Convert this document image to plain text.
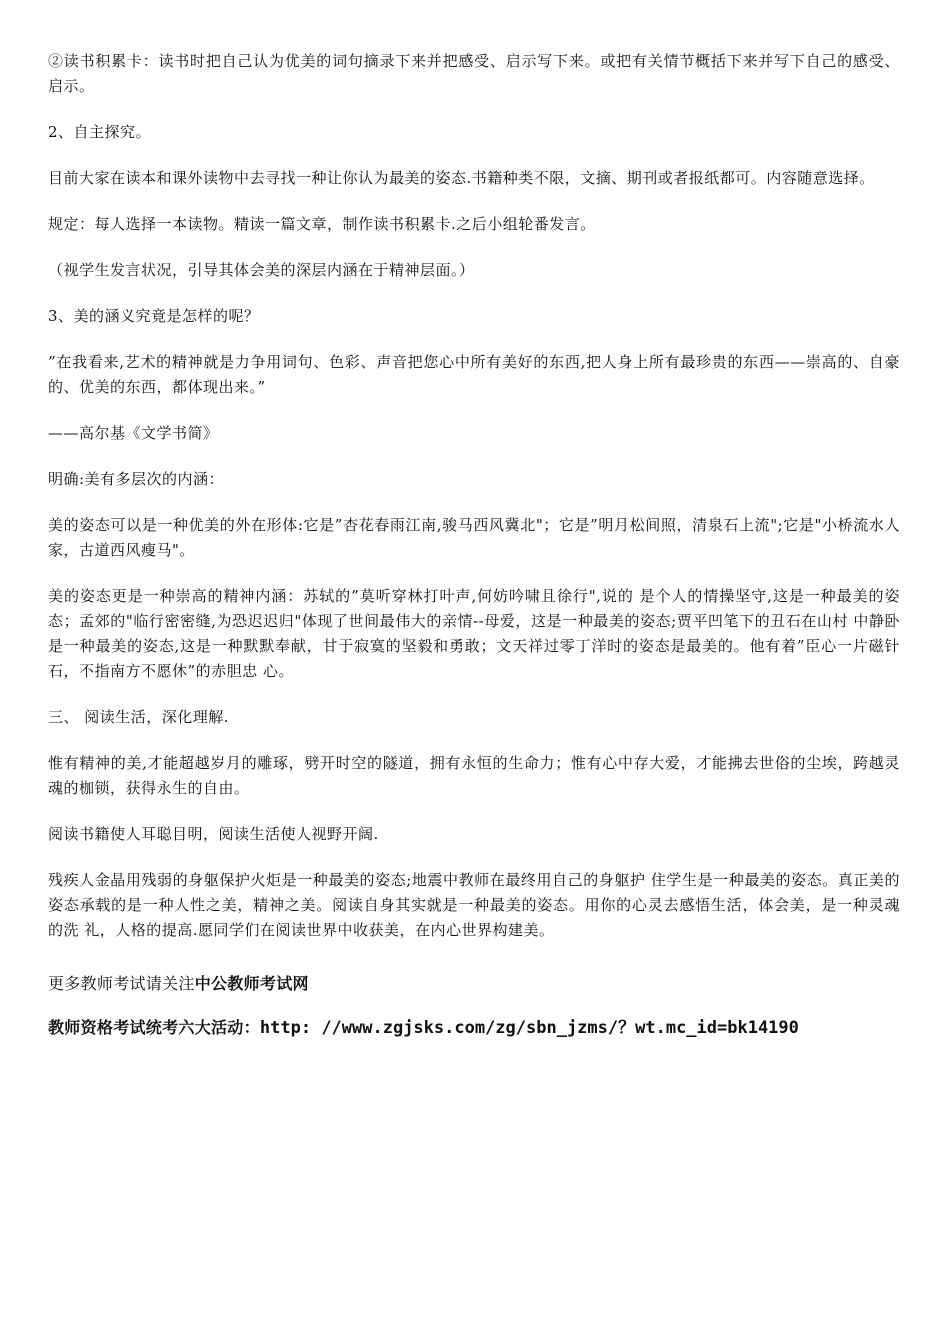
②读书积累卡：读书时把自己认为优美的词句摘录下来并把感受、启示写下来。或把有关情节概括下来并写下自己的感受、启示。

2、自主探究。

目前大家在读本和课外读物中去寻找一种让你认为最美的姿态.书籍种类不限，文摘、期刊或者报纸都可。内容随意选择。

规定：每人选择一本读物。精读一篇文章，制作读书积累卡.之后小组轮番发言。

（视学生发言状况，引导其体会美的深层内涵在于精神层面。）

3、美的涵义究竟是怎样的呢？

”在我看来,艺术的精神就是力争用词句、色彩、声音把您心中所有美好的东西,把人身上所有最珍贵的东西——崇高的、自豪的、优美的东西，都体现出来。”

——高尔基《文学书简》

明确:美有多层次的内涵：

美的姿态可以是一种优美的外在形体:它是”杏花春雨江南,骏马西风冀北"；它是”明月松间照，清泉石上流";它是"小桥流水人家，古道西风瘦马"。

美的姿态更是一种崇高的精神内涵：苏轼的”莫听穿林打叶声,何妨吟啸且徐行",说的 是个人的情操坚守,这是一种最美的姿态；孟郊的"临行密密缝,为恐迟迟归"体现了世间最伟大的亲情--母爱，这是一种最美的姿态;贾平凹笔下的丑石在山村 中静卧是一种最美的姿态,这是一种默默奉献，甘于寂寞的坚毅和勇敢；文天祥过零丁洋时的姿态是最美的。他有着”臣心一片磁针石，不指南方不愿休”的赤胆忠 心。

三、 阅读生活，深化理解.

惟有精神的美,才能超越岁月的雕琢，劈开时空的隧道，拥有永恒的生命力；惟有心中存大爱，才能拂去世俗的尘埃，跨越灵魂的枷锁，获得永生的自由。

阅读书籍使人耳聪目明，阅读生活使人视野开阔.

残疾人金晶用残弱的身躯保护火炬是一种最美的姿态;地震中教师在最终用自己的身躯护 住学生是一种最美的姿态。真正美的姿态承载的是一种人性之美，精神之美。阅读自身其实就是一种最美的姿态。用你的心灵去感悟生活，体会美，是一种灵魂的洗 礼，人格的提高.愿同学们在阅读世界中收获美，在内心世界构建美。

更多教师考试请关注中公教师考试网

教师资格考试统考六大活动：http: //www.zgjsks.com/zg/sbn_jzms/？wt.mc_id=bk14190
